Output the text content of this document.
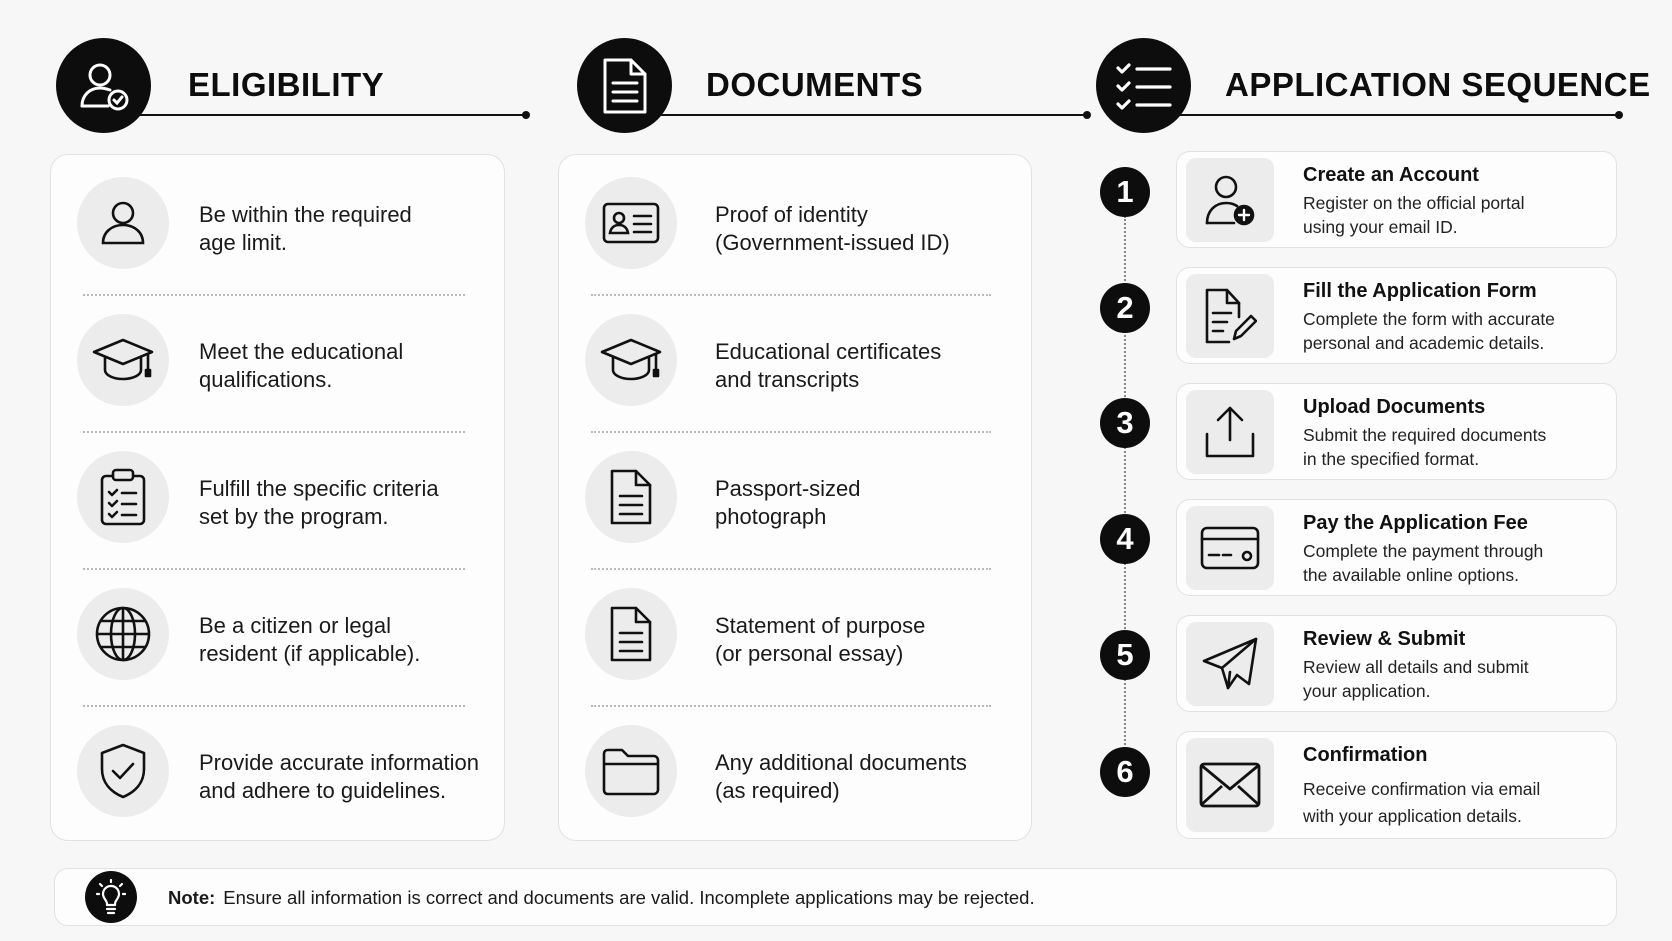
ELIGIBILITY
Be within the required
age limit.
Meet the educational
qualifications.
Fulfill the specific criteria
set by the program.
Be a citizen or legal
resident (if applicable).
Provide accurate information
and adhere to guidelines.
DOCUMENTS
Proof of identity
(Government-issued ID)
Educational certificates
and transcripts
Passport-sized
photograph
Statement of purpose
(or personal essay)
Any additional documents
(as required)
APPLICATION SEQUENCE
1	Create an Account
Register on the official portal
using your email ID.
2	Fill the Application Form
Complete the form with accurate
personal and academic details.
3	Upload Documents
Submit the required documents
in the specified format.
4	Pay the Application Fee
Complete the payment through
the available online options.
5	Review & Submit
Review all details and submit
your application.
6	Confirmation
Receive confirmation via email
with your application details.
Note: Ensure all information is correct and documents are valid. Incomplete applications may be rejected.
